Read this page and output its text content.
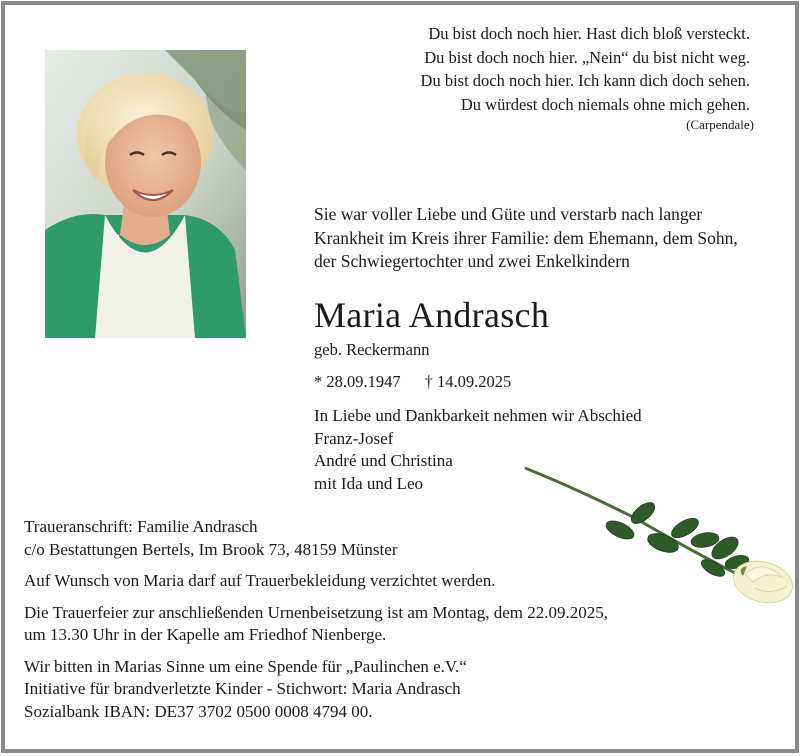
Du bist doch noch hier. Hast dich bloß versteckt.
Du bist doch noch hier. „Nein“ du bist nicht weg.
Du bist doch noch hier. Ich kann dich doch sehen.
Du würdest doch niemals ohne mich gehen.
(Carpendale)
Sie war voller Liebe und Güte und verstarb nach langer Krankheit im Kreis ihrer Familie: dem Ehemann, dem Sohn, der Schwiegertochter und zwei Enkelkindern
Maria Andrasch
geb. Reckermann
* 28.09.1947 † 14.09.2025
In Liebe und Dankbarkeit nehmen wir Abschied
Franz-Josef
André und Christina
mit Ida und Leo
Traueranschrift: Familie Andrasch
c/o Bestattungen Bertels, Im Brook 73, 48159 Münster
Auf Wunsch von Maria darf auf Trauerbekleidung verzichtet werden.
Die Trauerfeier zur anschließenden Urnenbeisetzung ist am Montag, dem 22.09.2025,
um 13.30 Uhr in der Kapelle am Friedhof Nienberge.
Wir bitten in Marias Sinne um eine Spende für „Paulinchen e.V.“
Initiative für brandverletzte Kinder - Stichwort: Maria Andrasch
Sozialbank IBAN: DE37 3702 0500 0008 4794 00.
